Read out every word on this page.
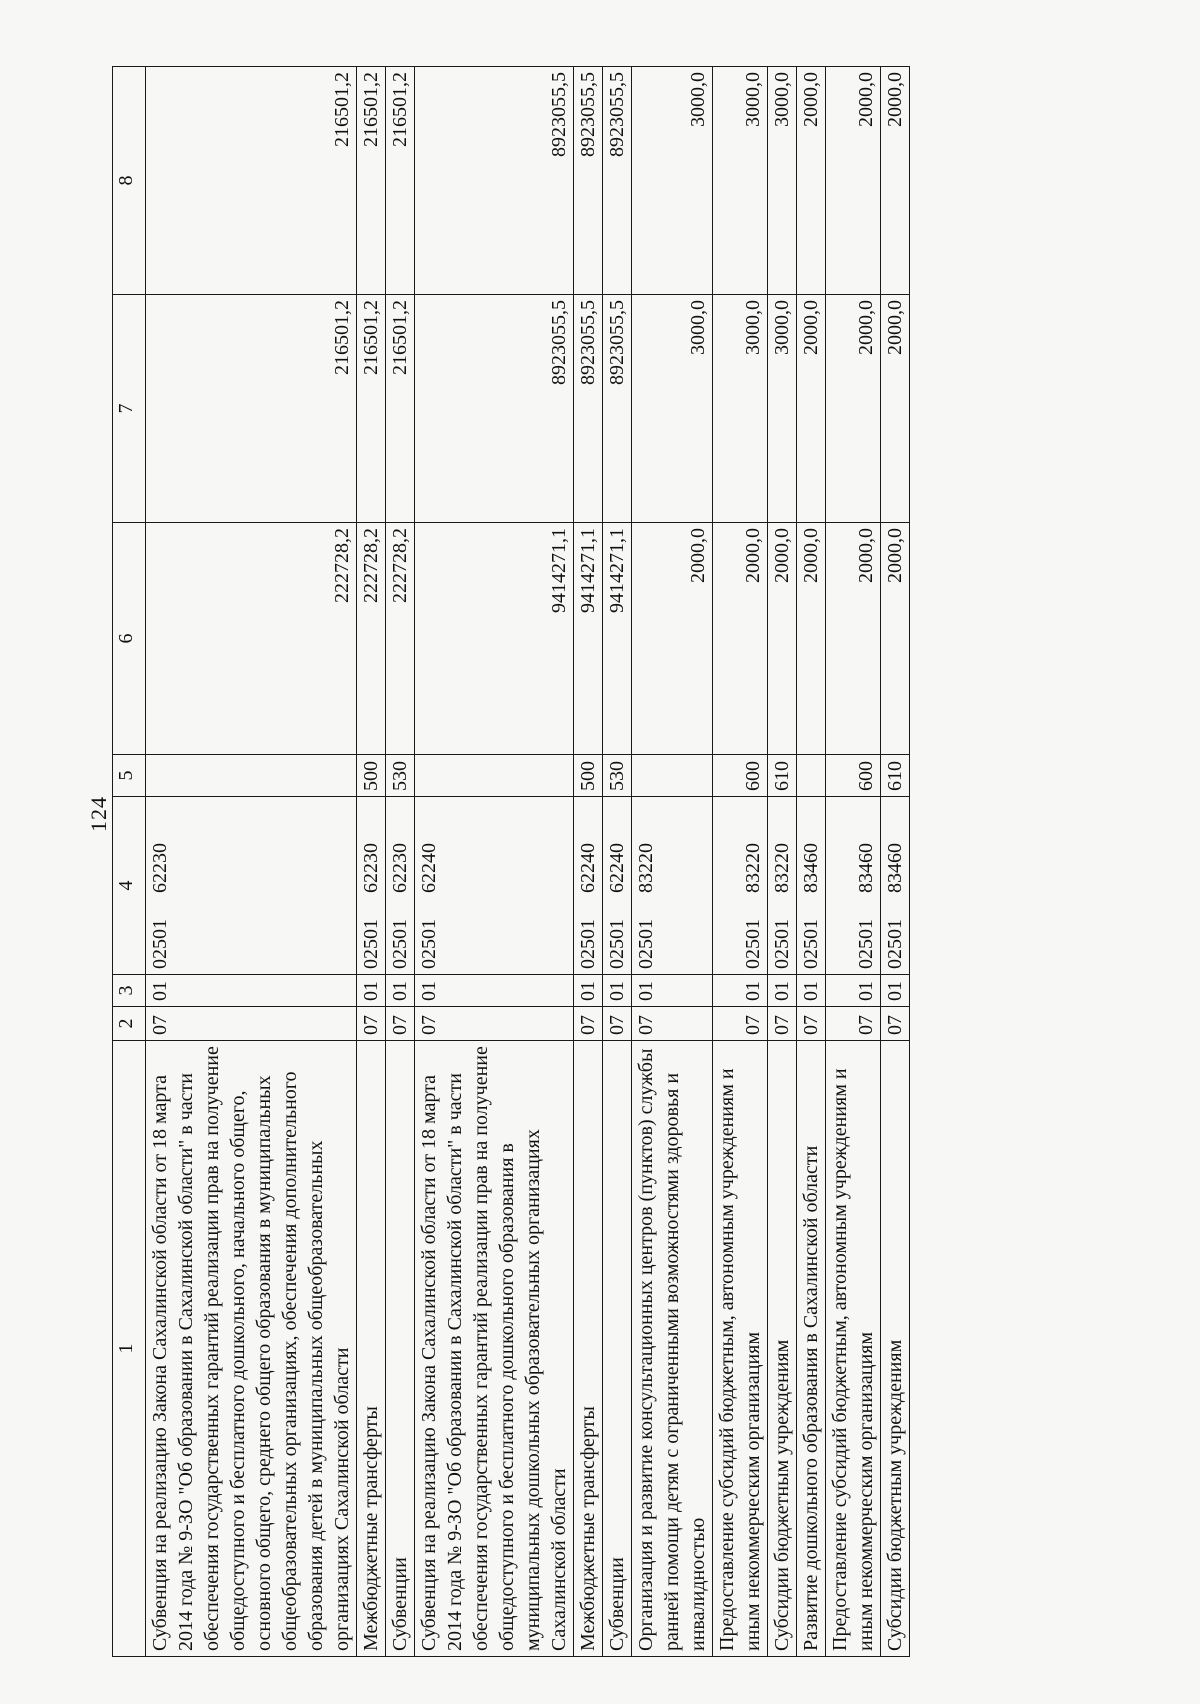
124
1	2	3	4	5	6	7	8
Субвенция на реализацию Закона Сахалинской области от 18 марта 2014 года № 9-ЗО "Об образовании в Сахалинской области" в части обеспечения государственных гарантий реализации прав на получение общедоступного и бесплатного дошкольного, начального общего, основного общего, среднего общего образования в муниципальных общеобразовательных организациях, обеспечения дополнительного образования детей в муниципальных общеобразовательных организациях Сахалинской области	07	01	0250162230		222728,2	216501,2	216501,2
Межбюджетные трансферты	07	01	0250162230	500	222728,2	216501,2	216501,2
Субвенции	07	01	0250162230	530	222728,2	216501,2	216501,2
Субвенция на реализацию Закона Сахалинской области от 18 марта 2014 года № 9-ЗО "Об образовании в Сахалинской области" в части обеспечения государственных гарантий реализации прав на получение общедоступного и бесплатного дошкольного образования в муниципальных дошкольных образовательных организациях Сахалинской области	07	01	0250162240		9414271,1	8923055,5	8923055,5
Межбюджетные трансферты	07	01	0250162240	500	9414271,1	8923055,5	8923055,5
Субвенции	07	01	0250162240	530	9414271,1	8923055,5	8923055,5
Организация и развитие консультационных центров (пунктов) службы ранней помощи детям с ограниченными возможностями здоровья и инвалидностью	07	01	0250183220		2000,0	3000,0	3000,0
Предоставление субсидий бюджетным, автономным учреждениям и иным некоммерческим организациям	07	01	0250183220	600	2000,0	3000,0	3000,0
Субсидии бюджетным учреждениям	07	01	0250183220	610	2000,0	3000,0	3000,0
Развитие дошкольного образования в Сахалинской области	07	01	0250183460		2000,0	2000,0	2000,0
Предоставление субсидий бюджетным, автономным учреждениям и иным некоммерческим организациям	07	01	0250183460	600	2000,0	2000,0	2000,0
Субсидии бюджетным учреждениям	07	01	0250183460	610	2000,0	2000,0	2000,0
